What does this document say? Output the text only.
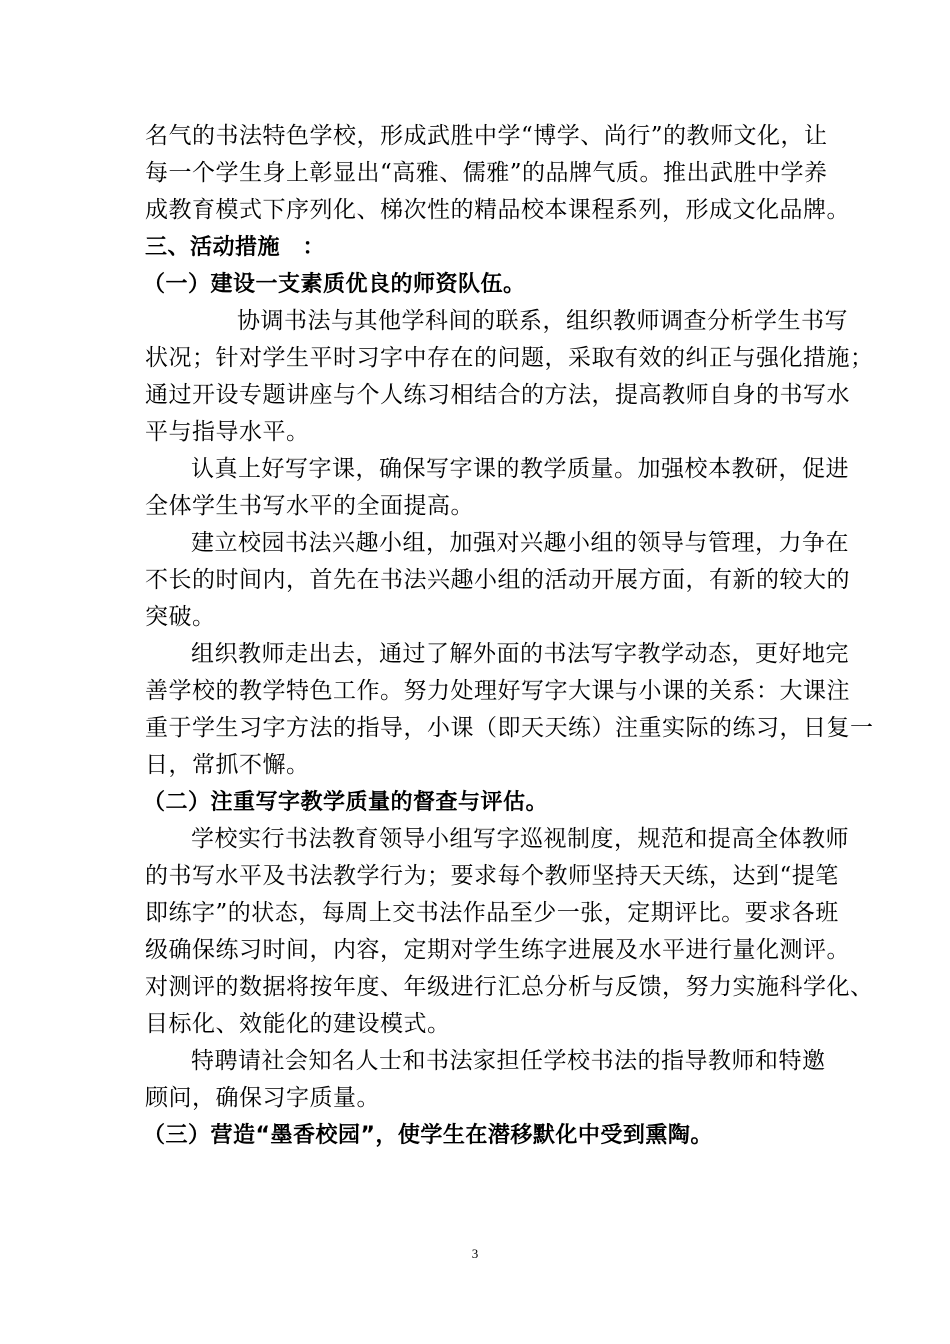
名气的书法特色学校，形成武胜中学“博学、尚行”的教师文化，让
每一个学生身上彰显出“高雅、儒雅”的品牌气质。推出武胜中学养
成教育模式下序列化、梯次性的精品校本课程系列，形成文化品牌。
三、活动措施　：
（一）建设一支素质优良的师资队伍。
协调书法与其他学科间的联系，组织教师调查分析学生书写
状况；针对学生平时习字中存在的问题，采取有效的纠正与强化措施；
通过开设专题讲座与个人练习相结合的方法，提高教师自身的书写水
平与指导水平。
认真上好写字课，确保写字课的教学质量。加强校本教研，促进
全体学生书写水平的全面提高。
建立校园书法兴趣小组，加强对兴趣小组的领导与管理，力争在
不长的时间内，首先在书法兴趣小组的活动开展方面，有新的较大的
突破。
组织教师走出去，通过了解外面的书法写字教学动态，更好地完
善学校的教学特色工作。努力处理好写字大课与小课的关系：大课注
重于学生习字方法的指导，小课（即天天练）注重实际的练习，日复一
日，常抓不懈。
（二）注重写字教学质量的督查与评估。
学校实行书法教育领导小组写字巡视制度，规范和提高全体教师
的书写水平及书法教学行为；要求每个教师坚持天天练，达到“提笔
即练字”的状态，每周上交书法作品至少一张，定期评比。要求各班
级确保练习时间，内容，定期对学生练字进展及水平进行量化测评。
对测评的数据将按年度、年级进行汇总分析与反馈，努力实施科学化、
目标化、效能化的建设模式。
特聘请社会知名人士和书法家担任学校书法的指导教师和特邀
顾问，确保习字质量。
（三）营造“墨香校园”，使学生在潜移默化中受到熏陶。
3
